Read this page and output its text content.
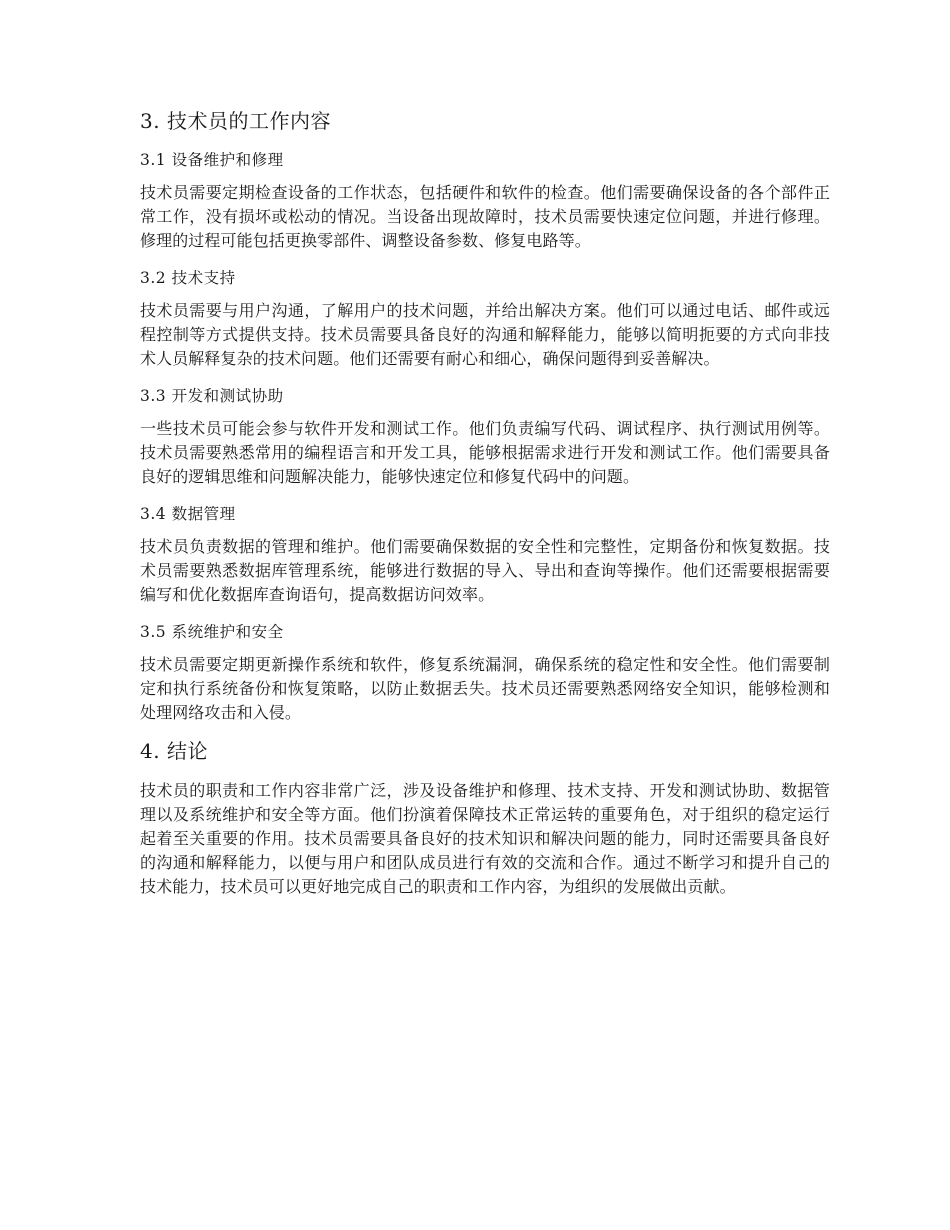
3. 技术员的工作内容
3.1 设备维护和修理

技术员需要定期检查设备的工作状态，包括硬件和软件的检查。他们需要确保设备的各个部件正常工作，没有损坏或松动的情况。当设备出现故障时，技术员需要快速定位问题，并进行修理。修理的过程可能包括更换零部件、调整设备参数、修复电路等。

3.2 技术支持

技术员需要与用户沟通，了解用户的技术问题，并给出解决方案。他们可以通过电话、邮件或远程控制等方式提供支持。技术员需要具备良好的沟通和解释能力，能够以简明扼要的方式向非技术人员解释复杂的技术问题。他们还需要有耐心和细心，确保问题得到妥善解决。

3.3 开发和测试协助

一些技术员可能会参与软件开发和测试工作。他们负责编写代码、调试程序、执行测试用例等。技术员需要熟悉常用的编程语言和开发工具，能够根据需求进行开发和测试工作。他们需要具备良好的逻辑思维和问题解决能力，能够快速定位和修复代码中的问题。

3.4 数据管理

技术员负责数据的管理和维护。他们需要确保数据的安全性和完整性，定期备份和恢复数据。技术员需要熟悉数据库管理系统，能够进行数据的导入、导出和查询等操作。他们还需要根据需要编写和优化数据库查询语句，提高数据访问效率。

3.5 系统维护和安全

技术员需要定期更新操作系统和软件，修复系统漏洞，确保系统的稳定性和安全性。他们需要制定和执行系统备份和恢复策略，以防止数据丢失。技术员还需要熟悉网络安全知识，能够检测和处理网络攻击和入侵。

4. 结论

技术员的职责和工作内容非常广泛，涉及设备维护和修理、技术支持、开发和测试协助、数据管理以及系统维护和安全等方面。他们扮演着保障技术正常运转的重要角色，对于组织的稳定运行起着至关重要的作用。技术员需要具备良好的技术知识和解决问题的能力，同时还需要具备良好的沟通和解释能力，以便与用户和团队成员进行有效的交流和合作。通过不断学习和提升自己的技术能力，技术员可以更好地完成自己的职责和工作内容，为组织的发展做出贡献。
